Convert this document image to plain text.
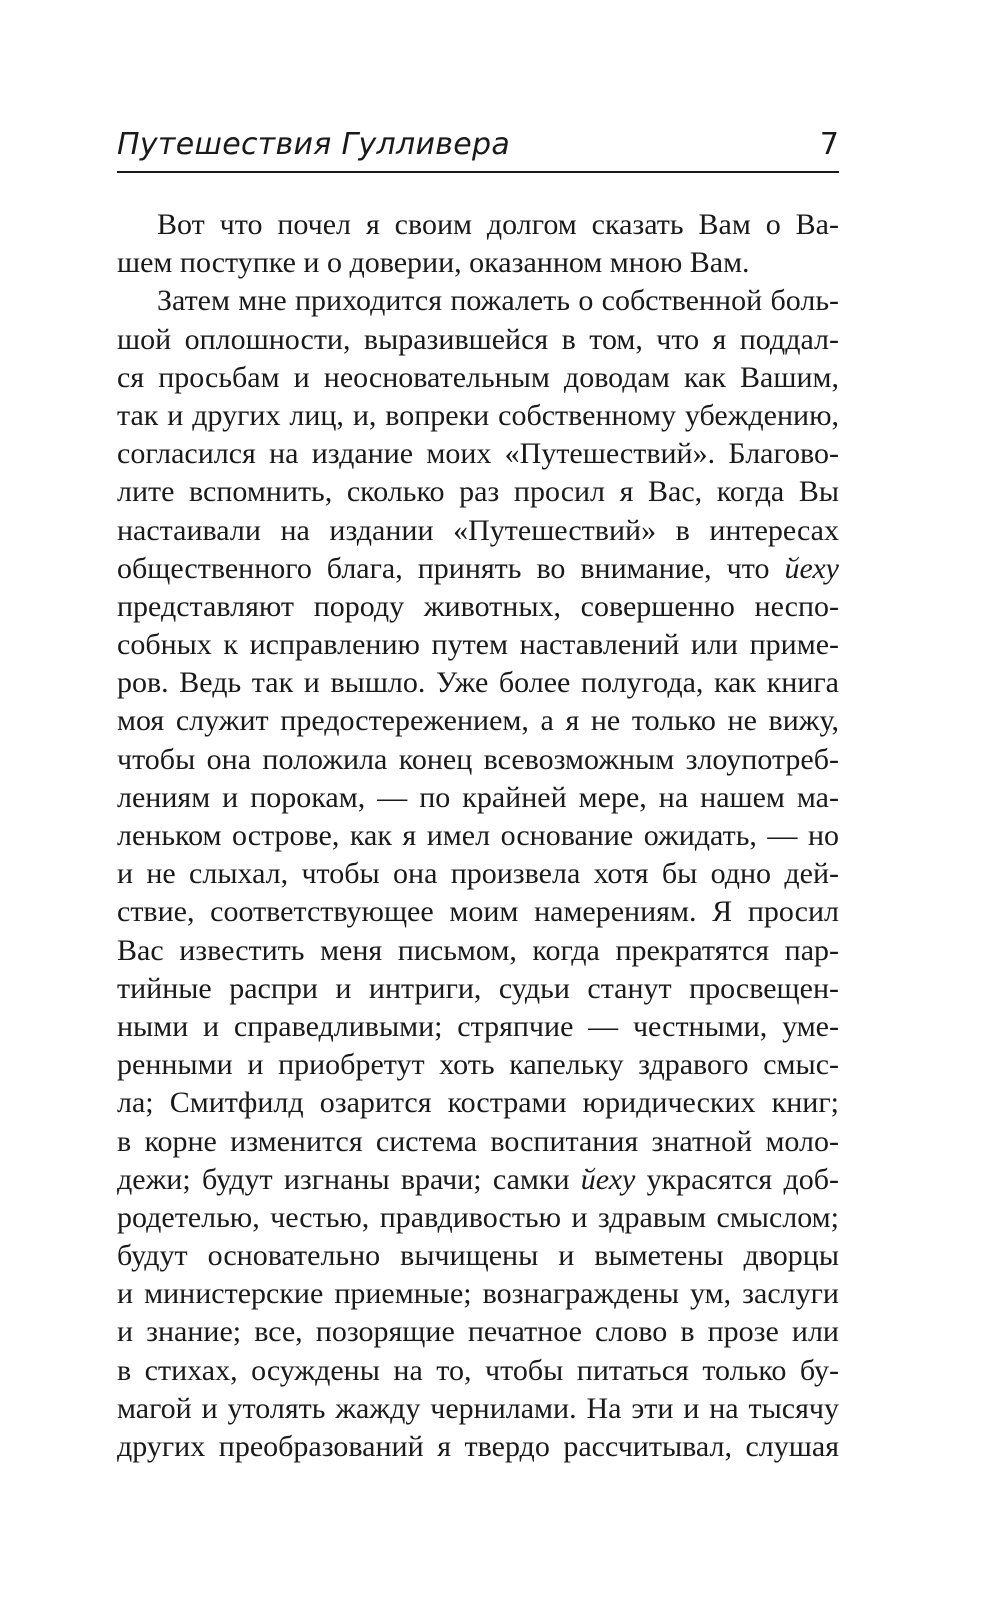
Путешествия Гулливера	7
Вот что почел я своим долгом сказать Вам о Ва-
шем поступке и о доверии, оказанном мною Вам.
Затем мне приходится пожалеть о собственной боль-
шой оплошности, выразившейся в том, что я поддал-
ся просьбам и неосновательным доводам как Вашим,
так и других лиц, и, вопреки собственному убеждению,
согласился на издание моих «Путешествий». Благово-
лите вспомнить, сколько раз просил я Вас, когда Вы
настаивали на издании «Путешествий» в интересах
общественного блага, принять во внимание, что йеху
представляют породу животных, совершенно неспо-
собных к исправлению путем наставлений или приме-
ров. Ведь так и вышло. Уже более полугода, как книга
моя служит предостережением, а я не только не вижу,
чтобы она положила конец всевозможным злоупотреб-
лениям и порокам, — по крайней мере, на нашем ма-
леньком острове, как я имел основание ожидать, — но
и не слыхал, чтобы она произвела хотя бы одно дей-
ствие, соответствующее моим намерениям. Я просил
Вас известить меня письмом, когда прекратятся пар-
тийные распри и интриги, судьи станут просвещен-
ными и справедливыми; стряпчие — честными, уме-
ренными и приобретут хоть капельку здравого смыс-
ла; Смитфилд озарится кострами юридических книг;
в корне изменится система воспитания знатной моло-
дежи; будут изгнаны врачи; самки йеху украсятся доб-
родетелью, честью, правдивостью и здравым смыслом;
будут основательно вычищены и выметены дворцы
и министерские приемные; вознаграждены ум, заслуги
и знание; все, позорящие печатное слово в прозе или
в стихах, осуждены на то, чтобы питаться только бу-
магой и утолять жажду чернилами. На эти и на тысячу
других преобразований я твердо рассчитывал, слушая
